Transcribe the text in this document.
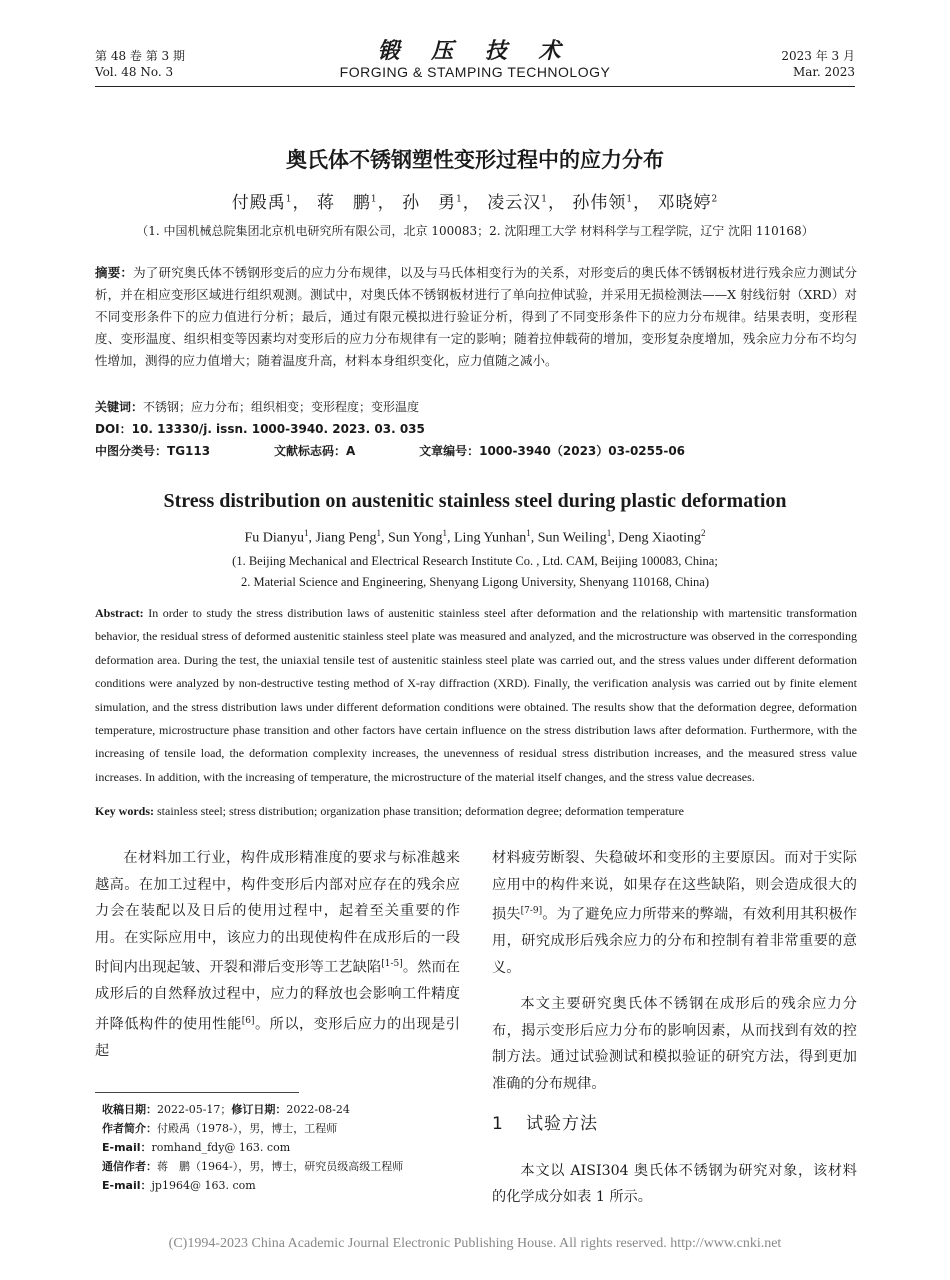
第 48 卷 第 3 期
Vol. 48 No. 3
锻 压 技 术
FORGING & STAMPING TECHNOLOGY
2023 年 3 月
Mar. 2023
奥氏体不锈钢塑性变形过程中的应力分布
付殿禹$^1$， 蒋　鹏$^1$， 孙　勇$^1$， 凌云汉$^1$， 孙伟领$^1$， 邓晓婷$^2$
（1. 中国机械总院集团北京机电研究所有限公司，北京 100083；2. 沈阳理工大学 材料科学与工程学院，辽宁 沈阳 110168）
摘要：为了研究奥氏体不锈钢形变后的应力分布规律，以及与马氏体相变行为的关系，对形变后的奥氏体不锈钢板材进行残余应力测试分析，并在相应变形区域进行组织观测。测试中，对奥氏体不锈钢板材进行了单向拉伸试验，并采用无损检测法——X 射线衍射（XRD）对不同变形条件下的应力值进行分析；最后，通过有限元模拟进行验证分析，得到了不同变形条件下的应力分布规律。结果表明，变形程度、变形温度、组织相变等因素均对变形后的应力分布规律有一定的影响；随着拉伸载荷的增加，变形复杂度增加，残余应力分布不均匀性增加，测得的应力值增大；随着温度升高，材料本身组织变化，应力值随之减小。
关键词：不锈钢；应力分布；组织相变；变形程度；变形温度
DOI：10. 13330/j. issn. 1000-3940. 2023. 03. 035
中图分类号：TG113	文献标志码：A	文章编号：1000-3940（2023）03-0255-06
Stress distribution on austenitic stainless steel during plastic deformation
Fu Dianyu$^1$, Jiang Peng$^1$, Sun Yong$^1$, Ling Yunhan$^1$, Sun Weiling$^1$, Deng Xiaoting$^2$
(1. Beijing Mechanical and Electrical Research Institute Co. , Ltd. CAM, Beijing 100083, China;
2. Material Science and Engineering, Shenyang Ligong University, Shenyang 110168, China)
Abstract: In order to study the stress distribution laws of austenitic stainless steel after deformation and the relationship with martensitic transformation behavior, the residual stress of deformed austenitic stainless steel plate was measured and analyzed, and the microstructure was observed in the corresponding deformation area. During the test, the uniaxial tensile test of austenitic stainless steel plate was carried out, and the stress values under different deformation conditions were analyzed by non-destructive testing method of X-ray diffraction (XRD). Finally, the verification analysis was carried out by finite element simulation, and the stress distribution laws under different deformation conditions were obtained. The results show that the deformation degree, deformation temperature, microstructure phase transition and other factors have certain influence on the stress distribution laws after deformation. Furthermore, with the increasing of tensile load, the deformation complexity increases, the unevenness of residual stress distribution increases, and the measured stress value increases. In addition, with the increasing of temperature, the microstructure of the material itself changes, and the stress value decreases.
Key words: stainless steel; stress distribution; organization phase transition; deformation degree; deformation temperature

在材料加工行业，构件成形精准度的要求与标准越来越高。在加工过程中，构件变形后内部对应存在的残余应力会在装配以及日后的使用过程中，起着至关重要的作用。在实际应用中，该应力的出现使构件在成形后的一段时间内出现起皱、开裂和滞后变形等工艺缺陷[1-5]。然而在成形后的自然释放过程中，应力的释放也会影响工件精度并降低构件的使用性能[6]。所以，变形后应力的出现是引起

收稿日期：2022-05-17；修订日期：2022-08-24
作者简介：付殿禹（1978-），男，博士，工程师
E-mail：romhand_fdy@ 163. com
通信作者：蒋　鹏（1964-），男，博士，研究员级高级工程师
E-mail：jp1964@ 163. com

材料疲劳断裂、失稳破坏和变形的主要原因。而对于实际应用中的构件来说，如果存在这些缺陷，则会造成很大的损失[7-9]。为了避免应力所带来的弊端，有效利用其积极作用，研究成形后残余应力的分布和控制有着非常重要的意义。

本文主要研究奥氏体不锈钢在成形后的残余应力分布，揭示变形后应力分布的影响因素，从而找到有效的控制方法。通过试验测试和模拟验证的研究方法，得到更加准确的分布规律。

1 试验方法

本文以 AISI304 奥氏体不锈钢为研究对象，该材料的化学成分如表 1 所示。

(C)1994-2023 China Academic Journal Electronic Publishing House. All rights reserved. http://www.cnki.net
